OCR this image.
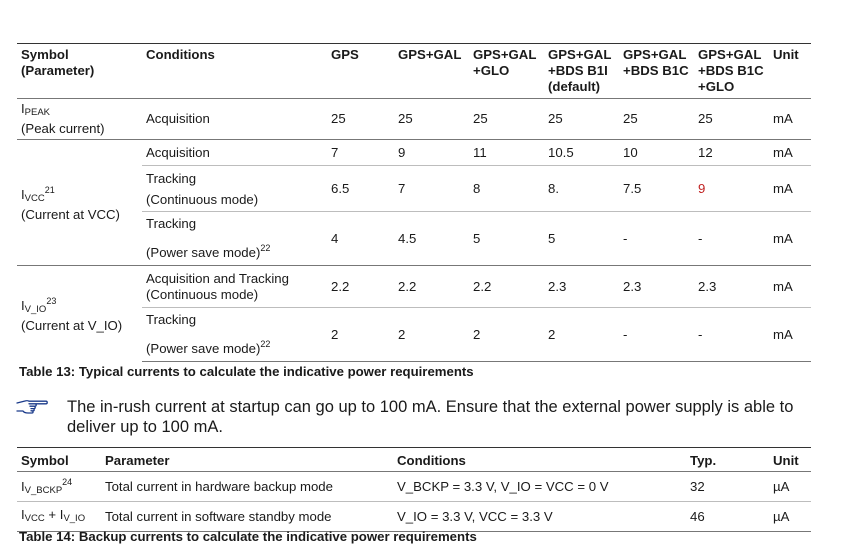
Symbol
(Parameter)	Conditions	GPS	GPS+GAL	GPS+GAL
+GLO	GPS+GAL
+BDS B1I
(default)	GPS+GAL
+BDS B1C	GPS+GAL
+BDS B1C
+GLO	Unit

$I_{PEAK}$
(Peak current)	Acquisition	25	25	25	25	25	25	mA

$I_{VCC}^{21}$
(Current at VCC)	Acquisition	7	9	11	10.5	10	12	mA
	Tracking
(Continuous mode)	6.5	7	8	8.	7.5	9	mA
	Tracking
(Power save mode)$^{22}$	4	4.5	5	5	-	-	mA

$I_{V\_IO}^{23}$
(Current at V_IO)	Acquisition and Tracking
(Continuous mode)	2.2	2.2	2.2	2.3	2.3	2.3	mA
	Tracking
(Power save mode)$^{22}$	2	2	2	2	-	-	mA
Table 13: Typical currents to calculate the indicative power requirements
The in-rush current at startup can go up to 100 mA. Ensure that the external power supply is able to deliver up to 100 mA.
Symbol	Parameter	Conditions	Typ.	Unit
$I_{V\_BCKP}^{24}$	Total current in hardware backup mode	V_BCKP = 3.3 V, V_IO = VCC = 0 V	32	µA
$I_{VCC} + I_{V\_IO}$	Total current in software standby mode	V_IO = 3.3 V, VCC = 3.3 V	46	µA
Table 14: Backup currents to calculate the indicative power requirements
